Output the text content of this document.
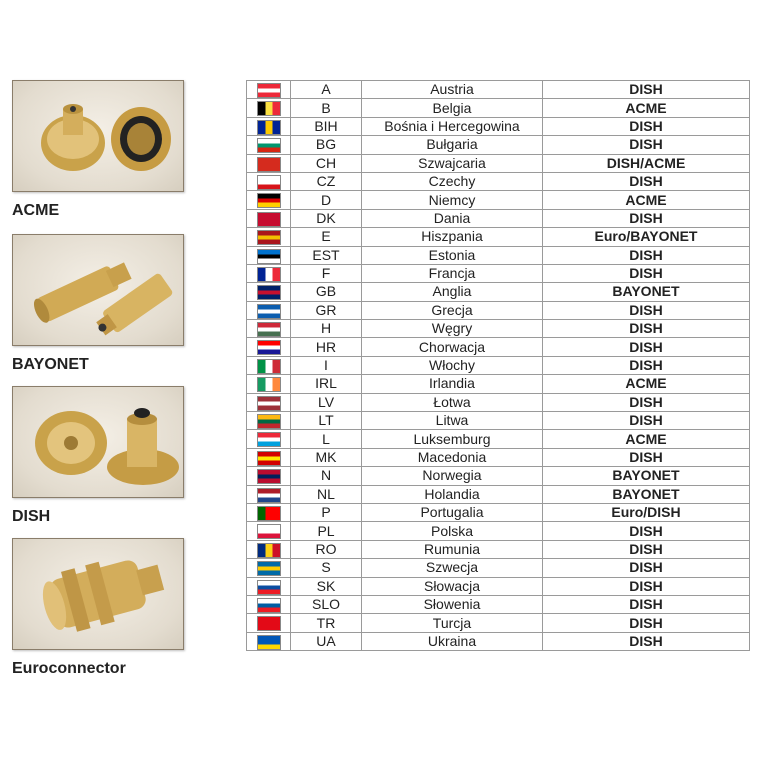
ACME
BAYONET
DISH
Euroconnector
	A	Austria	DISH
	B	Belgia	ACME
	BIH	Bośnia i Hercegowina	DISH
	BG	Bułgaria	DISH
	CH	Szwajcaria	DISH/ACME
	CZ	Czechy	DISH
	D	Niemcy	ACME
	DK	Dania	DISH
	E	Hiszpania	Euro/BAYONET
	EST	Estonia	DISH
	F	Francja	DISH
	GB	Anglia	BAYONET
	GR	Grecja	DISH
	H	Węgry	DISH
	HR	Chorwacja	DISH
	I	Włochy	DISH
	IRL	Irlandia	ACME
	LV	Łotwa	DISH
	LT	Litwa	DISH
	L	Luksemburg	ACME
	MK	Macedonia	DISH
	N	Norwegia	BAYONET
	NL	Holandia	BAYONET
	P	Portugalia	Euro/DISH
	PL	Polska	DISH
	RO	Rumunia	DISH
	S	Szwecja	DISH
	SK	Słowacja	DISH
	SLO	Słowenia	DISH
	TR	Turcja	DISH
	UA	Ukraina	DISH
